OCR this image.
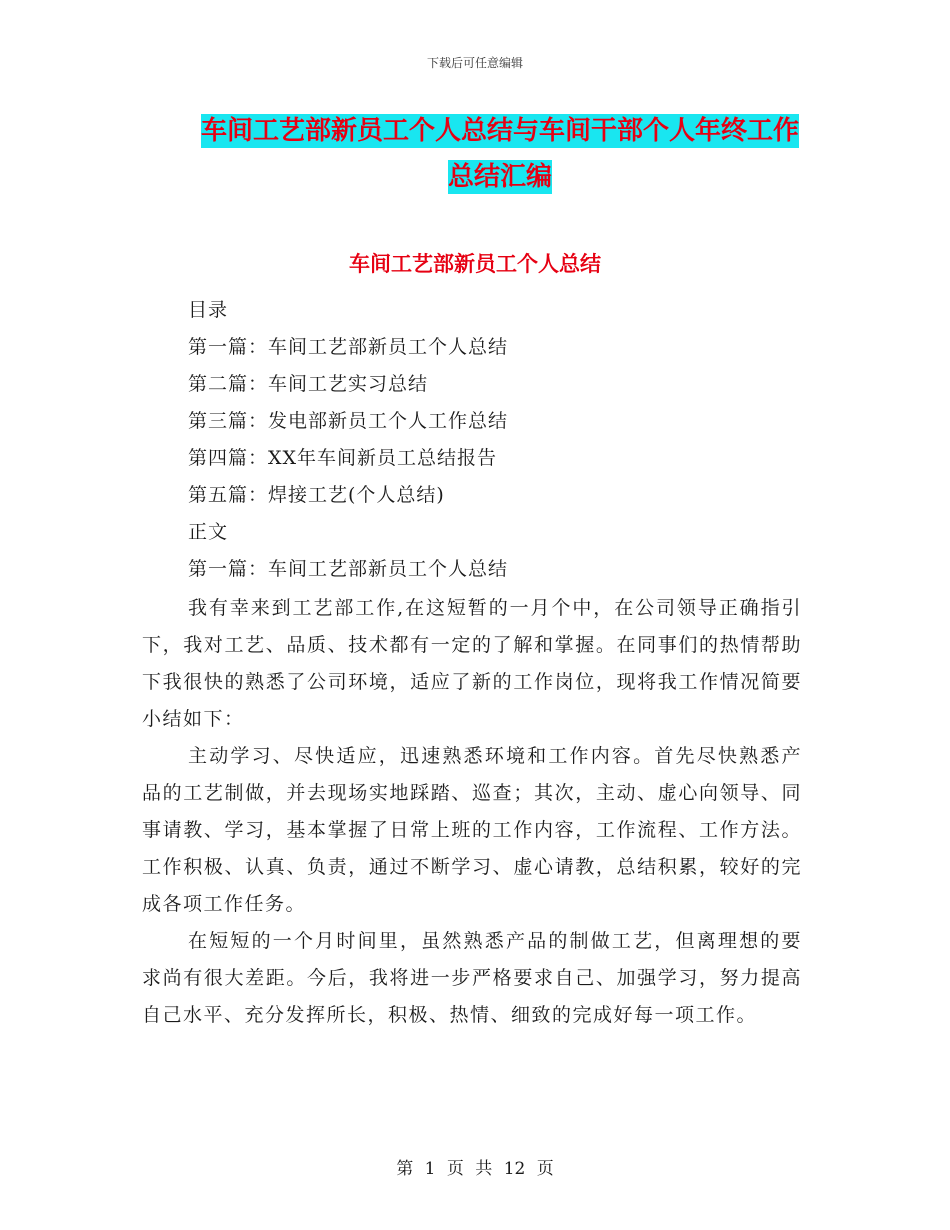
下载后可任意编辑
车间工艺部新员工个人总结与车间干部个人年终工作
总结汇编
车间工艺部新员工个人总结
目录
第一篇：车间工艺部新员工个人总结
第二篇：车间工艺实习总结
第三篇：发电部新员工个人工作总结
第四篇：XX年车间新员工总结报告
第五篇：焊接工艺(个人总结)
正文
第一篇：车间工艺部新员工个人总结

我有幸来到工艺部工作,在这短暂的一月个中，在公司领导正确指引下，我对工艺、品质、技术都有一定的了解和掌握。在同事们的热情帮助下我很快的熟悉了公司环境，适应了新的工作岗位，现将我工作情况简要小结如下：

主动学习、尽快适应，迅速熟悉环境和工作内容。首先尽快熟悉产品的工艺制做，并去现场实地踩踏、巡查；其次，主动、虚心向领导、同事请教、学习，基本掌握了日常上班的工作内容，工作流程、工作方法。工作积极、认真、负责，通过不断学习、虚心请教，总结积累，较好的完成各项工作任务。

在短短的一个月时间里，虽然熟悉产品的制做工艺，但离理想的要求尚有很大差距。今后，我将进一步严格要求自己、加强学习，努力提高自己水平、充分发挥所长，积极、热情、细致的完成好每一项工作。

第 1 页 共 12 页
